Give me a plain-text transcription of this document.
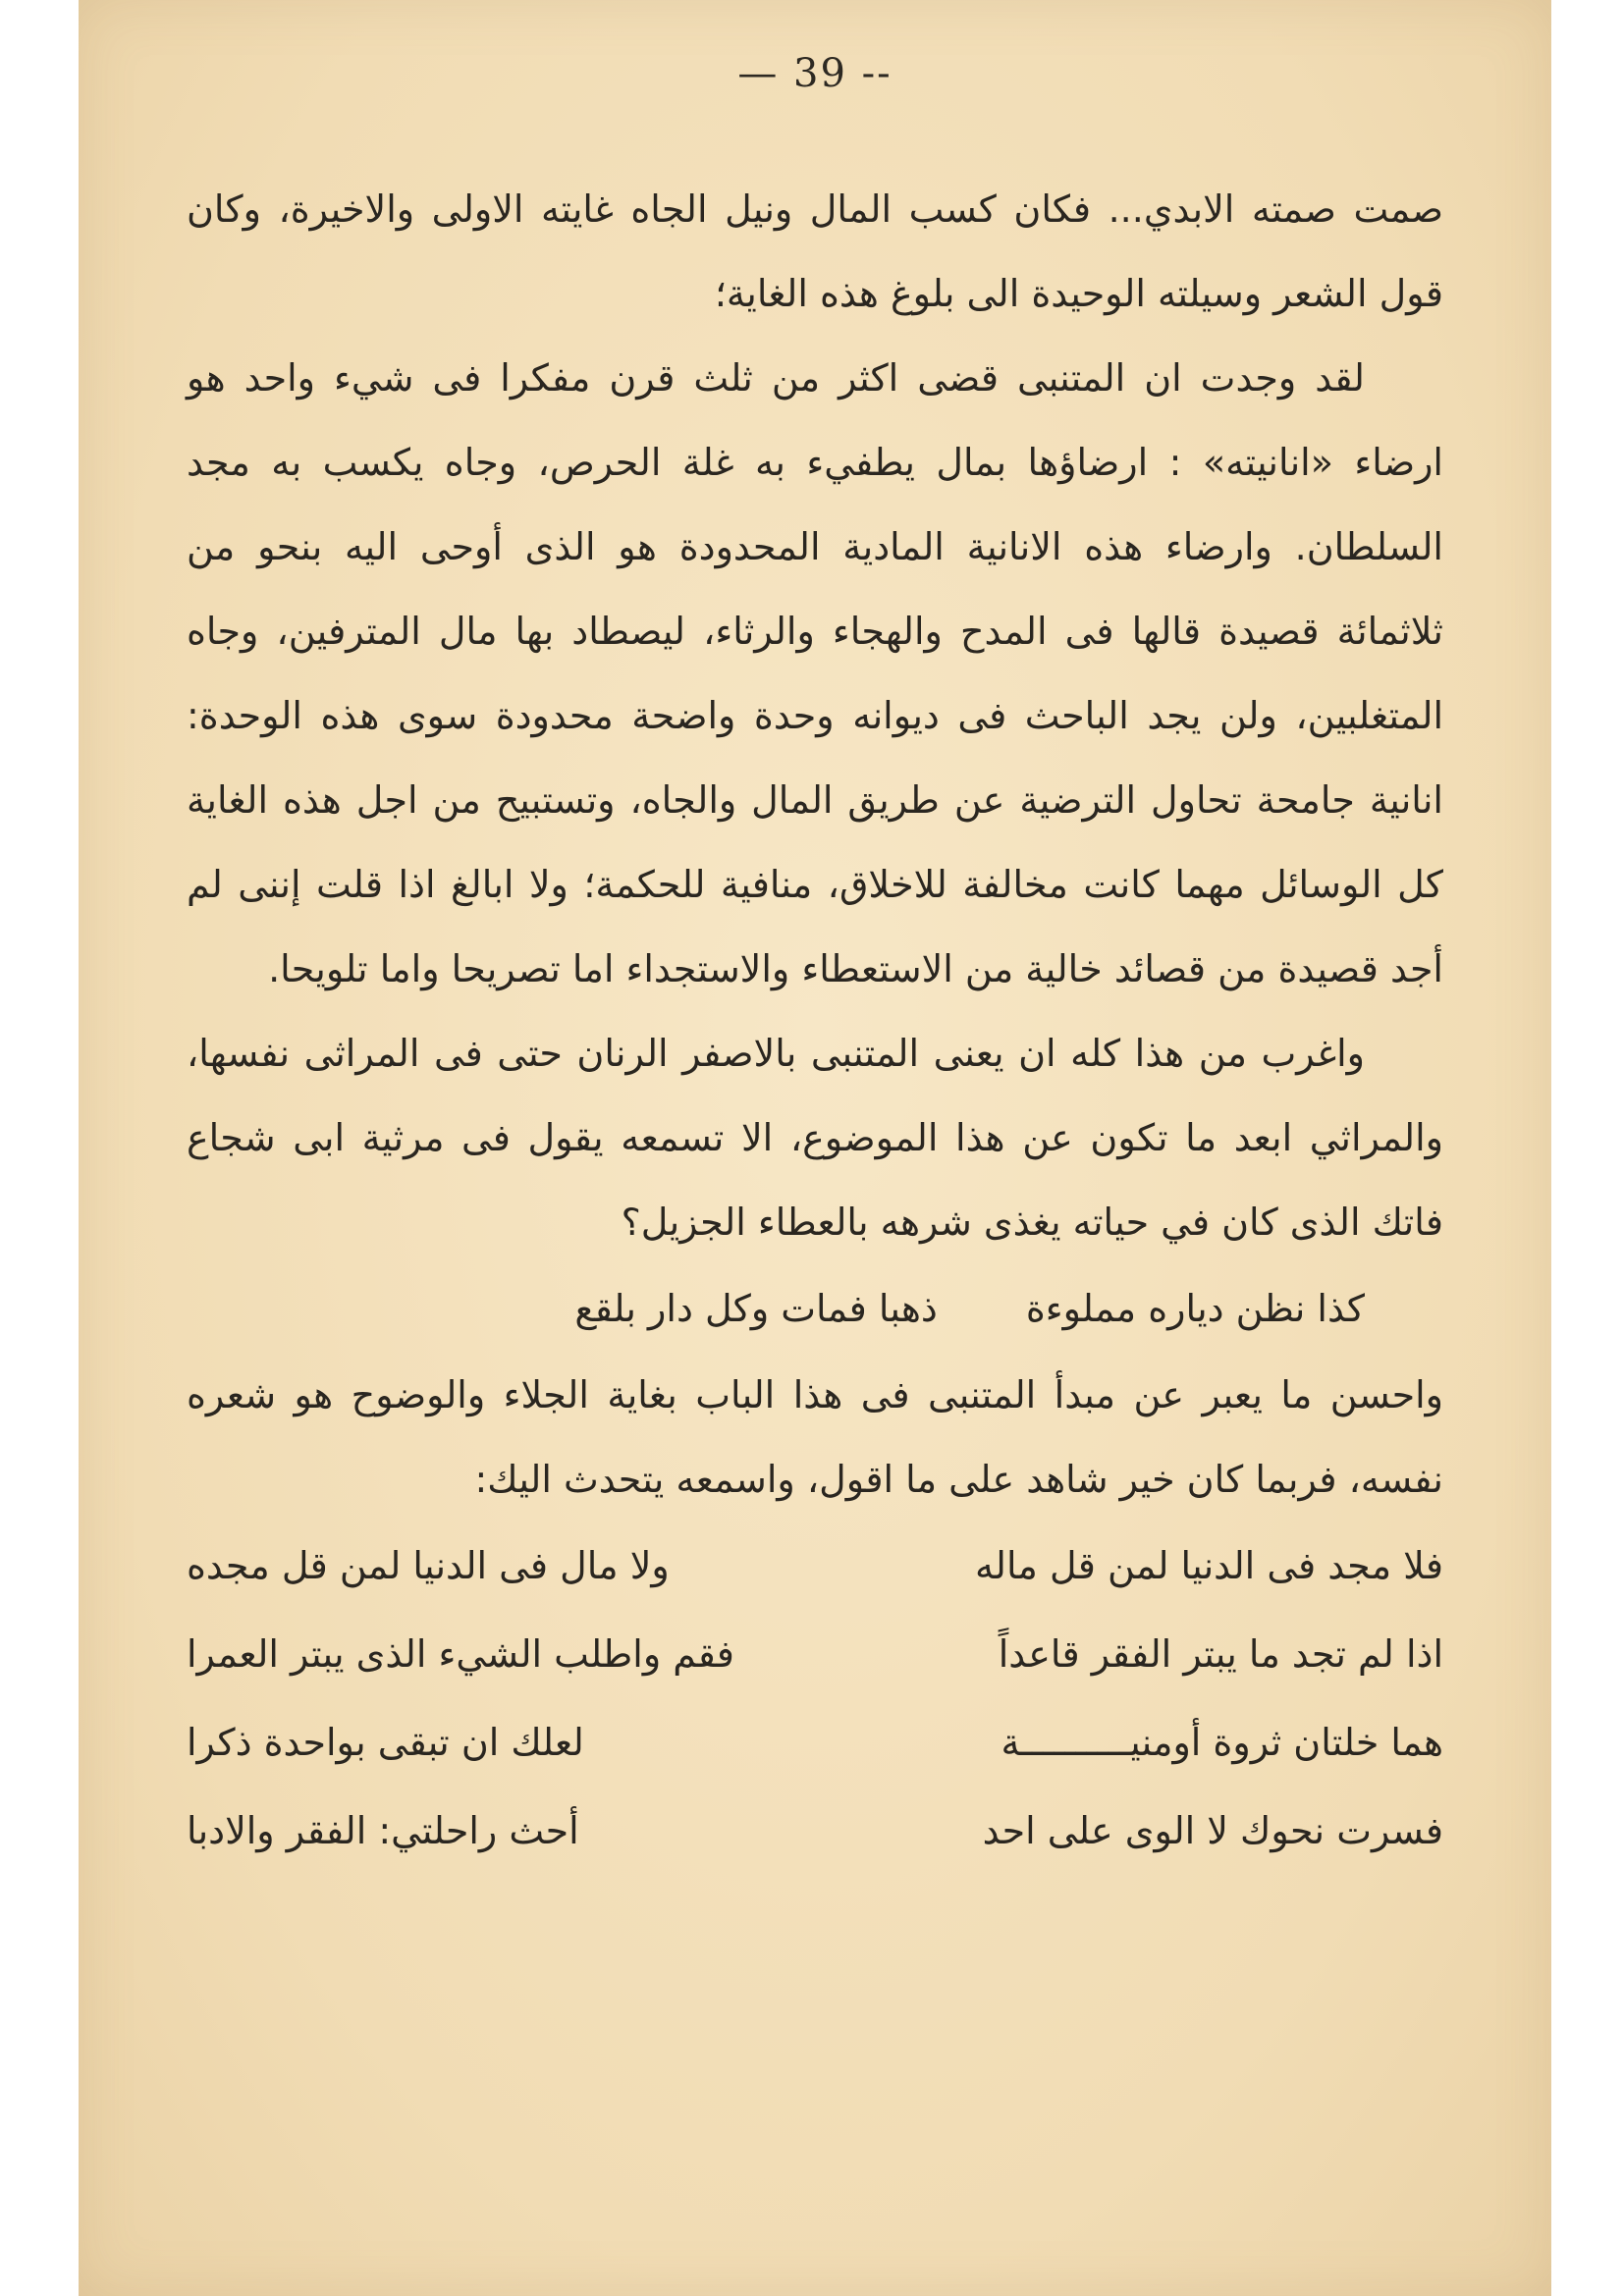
— 39 --

صمت صمته الابدي... فكان كسب المال ونيل الجاه غايته الاولى والاخيرة، وكان قول الشعر وسيلته الوحيدة الى بلوغ هذه الغاية؛

لقد وجدت ان المتنبى قضى اكثر من ثلث قرن مفكرا فى شيء واحد هو ارضاء «انانيته» : ارضاؤها بمال يطفيء به غلة الحرص، وجاه يكسب به مجد السلطان. وارضاء هذه الانانية المادية المحدودة هو الذى أوحى اليه بنحو من ثلاثمائة قصيدة قالها فى المدح والهجاء والرثاء، ليصطاد بها مال المترفين، وجاه المتغلبين، ولن يجد الباحث فى ديوانه وحدة واضحة محدودة سوى هذه الوحدة: انانية جامحة تحاول الترضية عن طريق المال والجاه، وتستبيح من اجل هذه الغاية كل الوسائل مهما كانت مخالفة للاخلاق، منافية للحكمة؛ ولا ابالغ اذا قلت إننى لم أجد قصيدة من قصائد خالية من الاستعطاء والاستجداء اما تصريحا واما تلويحا.

واغرب من هذا كله ان يعنى المتنبى بالاصفر الرنان حتى فى المراثى نفسها، والمراثي ابعد ما تكون عن هذا الموضوع، الا تسمعه يقول فى مرثية ابى شجاع فاتك الذى كان في حياته يغذى شرهه بالعطاء الجزيل؟

كذا نظن دياره مملوءة
ذهبا فمات وكل دار بلقع

واحسن ما يعبر عن مبدأ المتنبى فى هذا الباب بغاية الجلاء والوضوح هو شعره نفسه، فربما كان خير شاهد على ما اقول، واسمعه يتحدث اليك:

فلا مجد فى الدنيا لمن قل ماله
ولا مال فى الدنيا لمن قل مجده
اذا لم تجد ما يبتر الفقر قاعداً
فقم واطلب الشيء الذى يبتر العمرا
هما خلتان ثروة أومنيــــــــــة
لعلك ان تبقى بواحدة ذكرا
فسرت نحوك لا الوى على احد
أحث راحلتي: الفقر والادبا
